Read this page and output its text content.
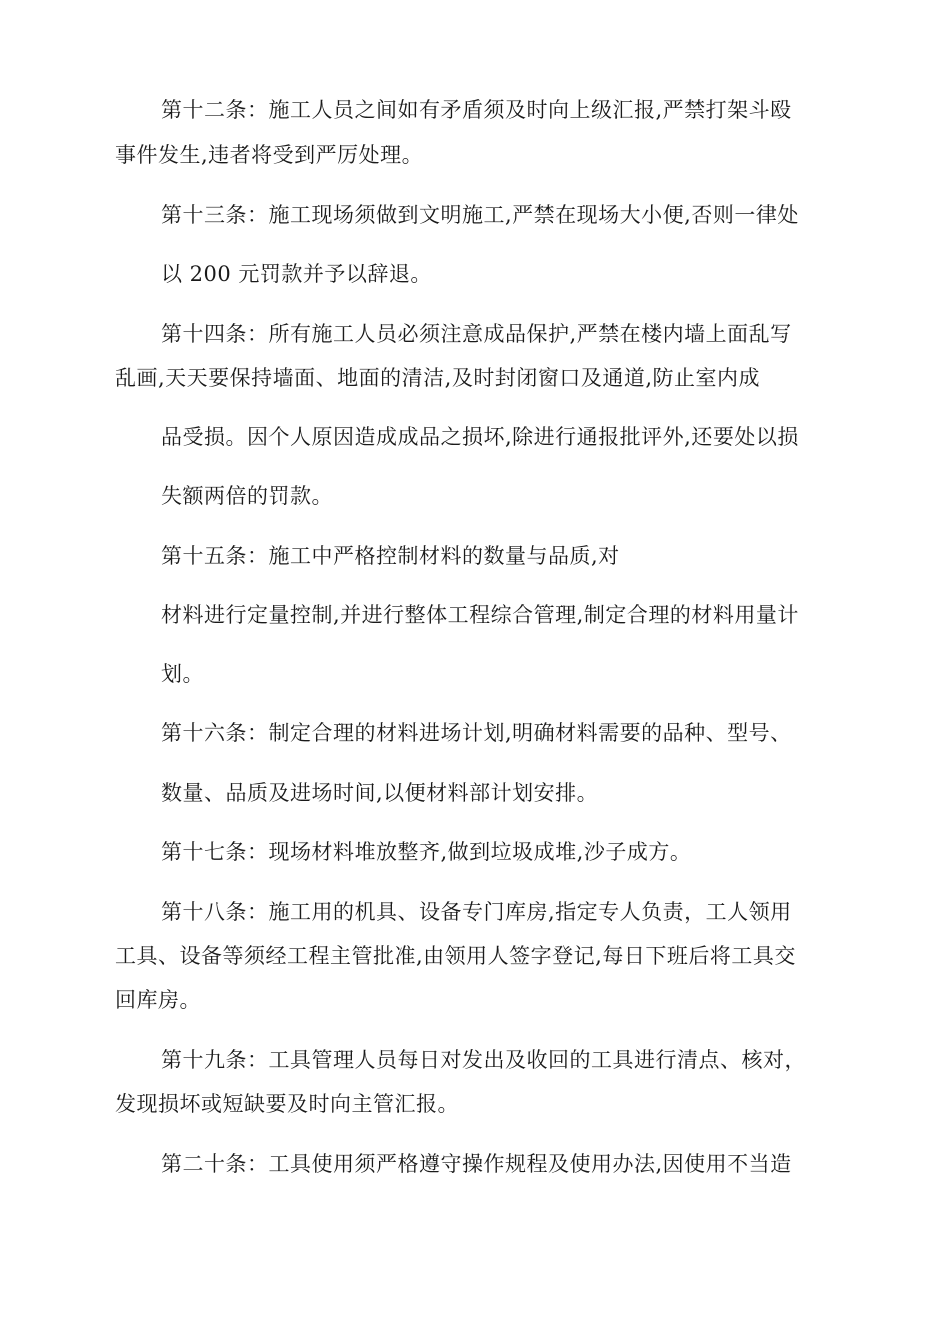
第十二条：施工人员之间如有矛盾须及时向上级汇报,严禁打架斗殴
事件发生,违者将受到严厉处理。
第十三条：施工现场须做到文明施工,严禁在现场大小便,否则一律处
以 200 元罚款并予以辞退。
第十四条：所有施工人员必须注意成品保护,严禁在楼内墙上面乱写
乱画,天天要保持墙面、地面的清洁,及时封闭窗口及通道,防止室内成
品受损。因个人原因造成成品之损坏,除进行通报批评外,还要处以损
失额两倍的罚款。
第十五条：施工中严格控制材料的数量与品质,对
材料进行定量控制,并进行整体工程综合管理,制定合理的材料用量计
划。
第十六条：制定合理的材料进场计划,明确材料需要的品种、型号、
数量、品质及进场时间,以便材料部计划安排。
第十七条：现场材料堆放整齐,做到垃圾成堆,沙子成方。
第十八条：施工用的机具、设备专门库房,指定专人负责，工人领用
工具、设备等须经工程主管批准,由领用人签字登记,每日下班后将工具交
回库房。
第十九条：工具管理人员每日对发出及收回的工具进行清点、核对，
发现损坏或短缺要及时向主管汇报。
第二十条：工具使用须严格遵守操作规程及使用办法,因使用不当造
